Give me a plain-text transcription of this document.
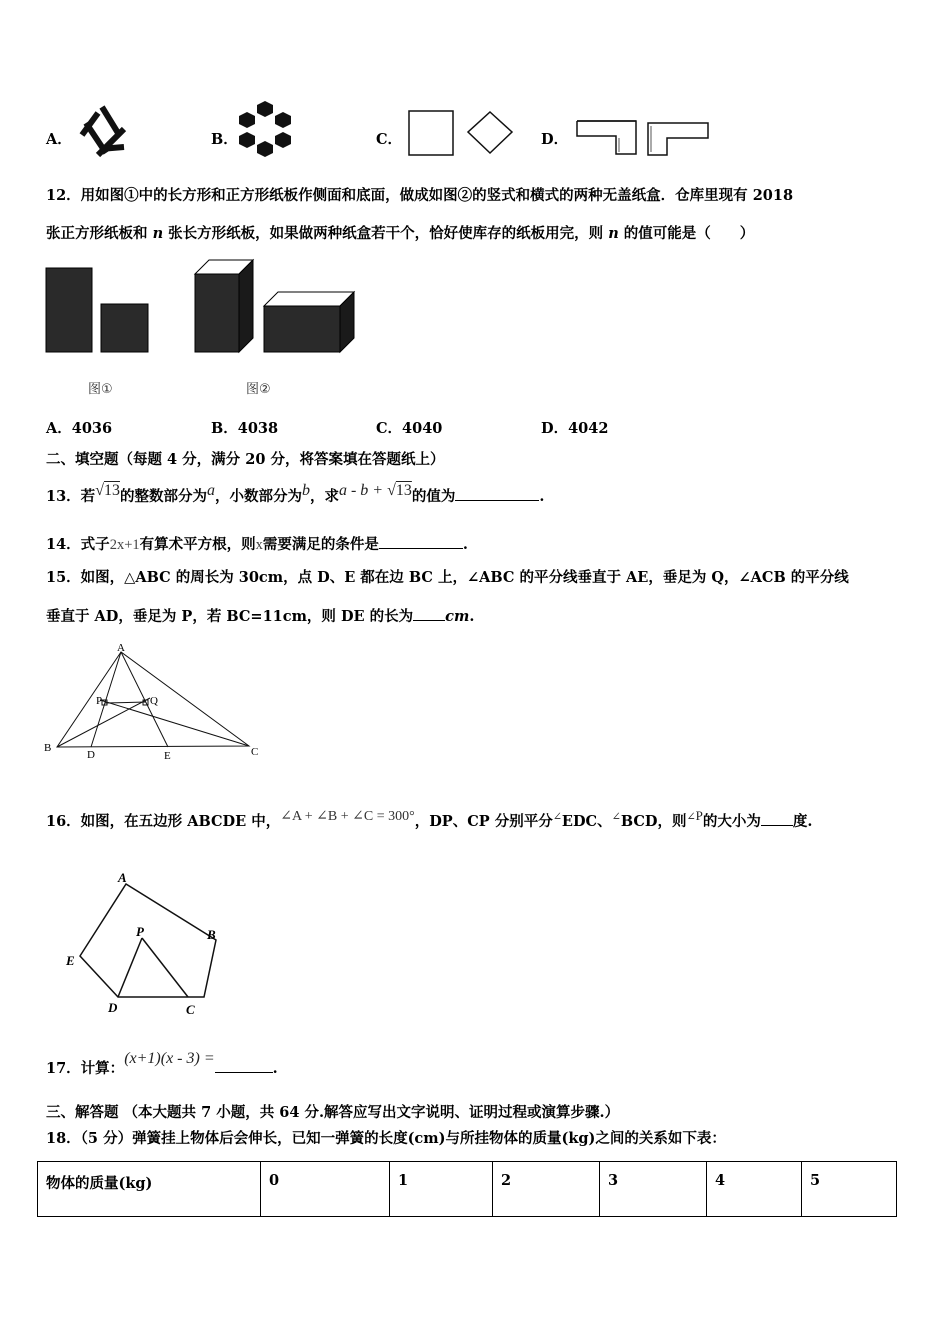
A．	B．	C．	D．
12．用如图①中的长方形和正方形纸板作侧面和底面，做成如图②的竖式和横式的两种无盖纸盒．仓库里现有 2018
张正方形纸板和 n 张长方形纸板，如果做两种纸盒若干个，恰好使库存的纸板用完，则 n 的值可能是（　　）
图①	图②
A．4036	B．4038	C．4040	D．4042
二、填空题（每题 4 分，满分 20 分，将答案填在答题纸上）
13．若√13的整数部分为a，小数部分为b，求a - b + √13的值为	.
14．式子2x+1有算术平方根，则x需要满足的条件是	.
15．如图，△ABC 的周长为 30cm，点 D、E 都在边 BC 上，∠ABC 的平分线垂直于 AE，垂足为 Q，∠ACB 的平分线
垂直于 AD，垂足为 P，若 BC=11cm，则 DE 的长为 cm.
A
B	C
D	E
P	Q
16．如图，在五边形 ABCDE 中，∠A + ∠B + ∠C = 300°，DP、CP 分别平分∠EDC、∠BCD，则∠P的大小为 度.
A
B
C
D
E
P
17．计算：(x+1)(x - 3) =.
三、解答题 （本大题共 7 小题，共 64 分.解答应写出文字说明、证明过程或演算步骤.）
18．（5 分）弹簧挂上物体后会伸长，已知一弹簧的长度(cm)与所挂物体的质量(kg)之间的关系如下表：
物体的质量(kg)	0	1	2	3	4	5
